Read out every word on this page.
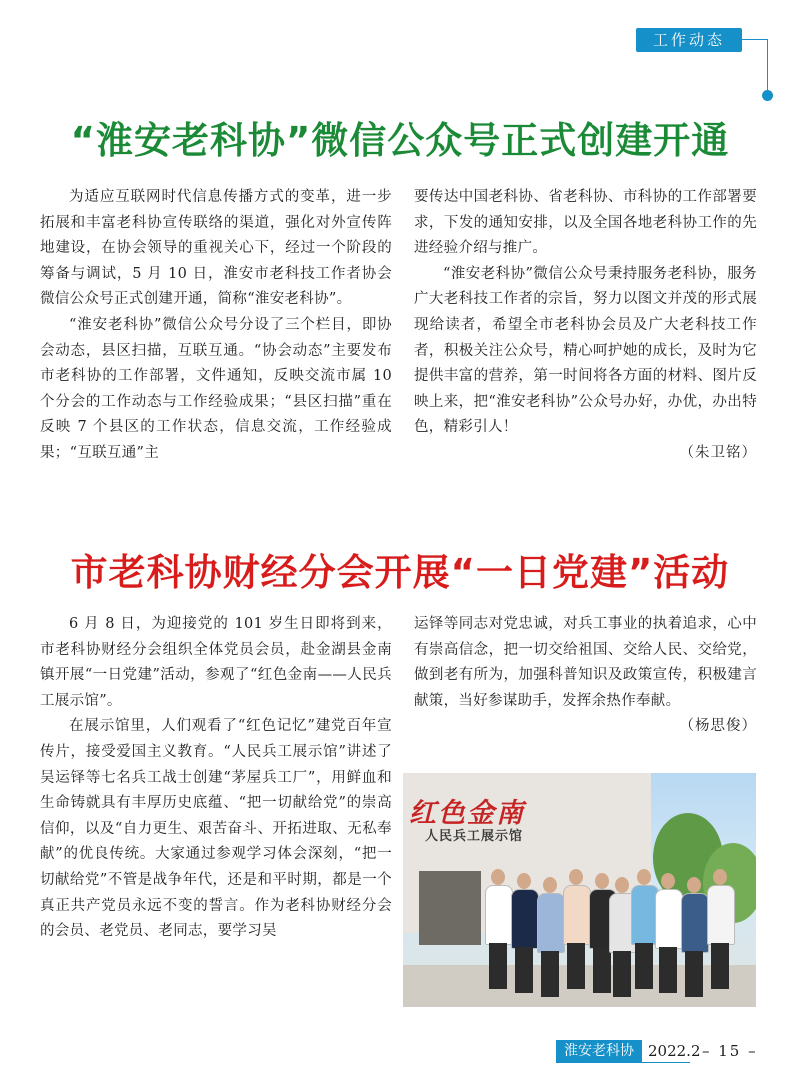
工作动态
“淮安老科协”微信公众号正式创建开通

为适应互联网时代信息传播方式的变革，进一步拓展和丰富老科协宣传联络的渠道，强化对外宣传阵地建设，在协会领导的重视关心下，经过一个阶段的筹备与调试，5 月 10 日，淮安市老科技工作者协会微信公众号正式创建开通，简称“淮安老科协”。

“淮安老科协”微信公众号分设了三个栏目，即协会动态，县区扫描，互联互通。“协会动态”主要发布市老科协的工作部署，文件通知，反映交流市属 10 个分会的工作动态与工作经验成果；“县区扫描”重在反映 7 个县区的工作状态，信息交流，工作经验成果；“互联互通”主

要传达中国老科协、省老科协、市科协的工作部署要求，下发的通知安排，以及全国各地老科协工作的先进经验介绍与推广。

“淮安老科协”微信公众号秉持服务老科协，服务广大老科技工作者的宗旨，努力以图文并茂的形式展现给读者，希望全市老科协会员及广大老科技工作者，积极关注公众号，精心呵护她的成长，及时为它提供丰富的营养，第一时间将各方面的材料、图片反映上来，把“淮安老科协”公众号办好，办优，办出特色，精彩引人！

（朱卫铭）
市老科协财经分会开展“一日党建”活动

6 月 8 日，为迎接党的 101 岁生日即将到来，市老科协财经分会组织全体党员会员，赴金湖县金南镇开展“一日党建”活动，参观了“红色金南——人民兵工展示馆”。

在展示馆里，人们观看了“红色记忆”建党百年宣传片，接受爱国主义教育。“人民兵工展示馆”讲述了吴运铎等七名兵工战士创建“茅屋兵工厂”，用鲜血和生命铸就具有丰厚历史底蕴、“把一切献给党”的崇高信仰，以及“自力更生、艰苦奋斗、开拓进取、无私奉献”的优良传统。大家通过参观学习体会深刻，“把一切献给党”不管是战争年代，还是和平时期，都是一个真正共产党员永远不变的誓言。作为老科协财经分会的会员、老党员、老同志，要学习吴

运铎等同志对党忠诚，对兵工事业的执着追求，心中有崇高信念，把一切交给祖国、交给人民、交给党，做到老有所为，加强科普知识及政策宣传，积极建言献策，当好参谋助手，发挥余热作奉献。

（杨思俊）
红色金南
人民兵工展示馆
淮安老科协 2022.2 – 15 –
